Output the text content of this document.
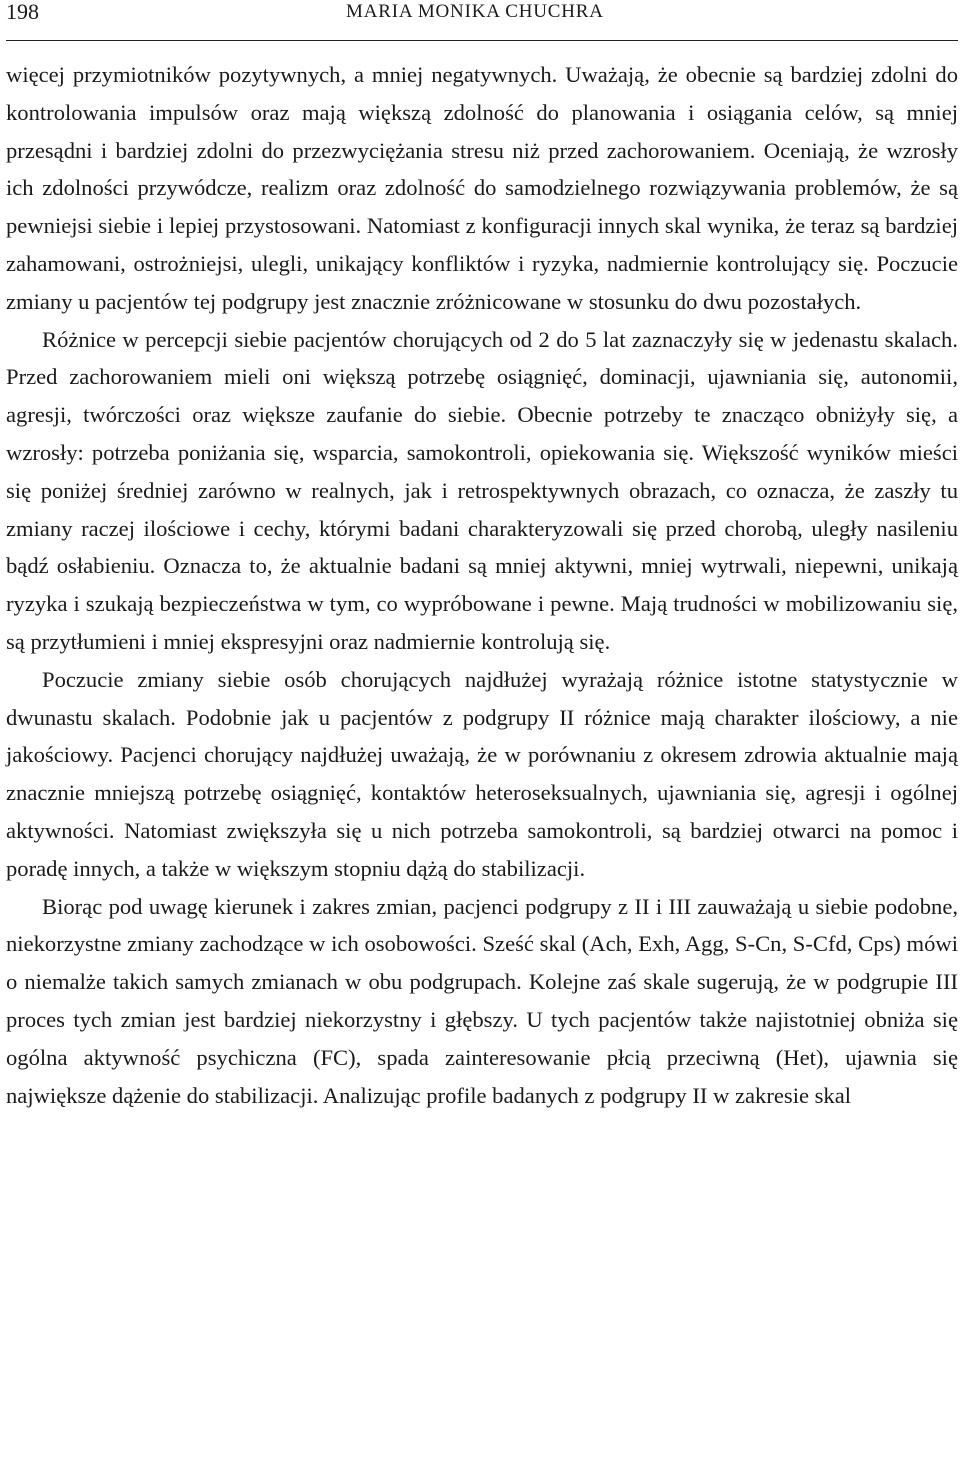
198	MARIA MONIKA CHUCHRA

więcej przymiotników pozytywnych, a mniej negatywnych. Uważają, że obecnie są bardziej zdolni do kontrolowania impulsów oraz mają większą zdolność do planowania i osiągania celów, są mniej przesądni i bardziej zdolni do przezwyciężania stresu niż przed zachorowaniem. Oceniają, że wzrosły ich zdolności przywódcze, realizm oraz zdolność do samodzielnego rozwiązywania problemów, że są pewniejsi siebie i lepiej przystosowani. Natomiast z konfiguracji innych skal wynika, że teraz są bardziej zahamowani, ostrożniejsi, ulegli, unikający konfliktów i ryzyka, nadmiernie kontrolujący się. Poczucie zmiany u pacjentów tej podgrupy jest znacznie zróżnicowane w stosunku do dwu pozostałych.

Różnice w percepcji siebie pacjentów chorujących od 2 do 5 lat zaznaczyły się w jedenastu skalach. Przed zachorowaniem mieli oni większą potrzebę osiągnięć, dominacji, ujawniania się, autonomii, agresji, twórczości oraz większe zaufanie do siebie. Obecnie potrzeby te znacząco obniżyły się, a wzrosły: potrzeba poniżania się, wsparcia, samokontroli, opiekowania się. Większość wyników mieści się poniżej średniej zarówno w realnych, jak i retrospektywnych obrazach, co oznacza, że zaszły tu zmiany raczej ilościowe i cechy, którymi badani charakteryzowali się przed chorobą, uległy nasileniu bądź osłabieniu. Oznacza to, że aktualnie badani są mniej aktywni, mniej wytrwali, niepewni, unikają ryzyka i szukają bezpieczeństwa w tym, co wypróbowane i pewne. Mają trudności w mobilizowaniu się, są przytłumieni i mniej ekspresyjni oraz nadmiernie kontrolują się.

Poczucie zmiany siebie osób chorujących najdłużej wyrażają różnice istotne statystycznie w dwunastu skalach. Podobnie jak u pacjentów z podgrupy II różnice mają charakter ilościowy, a nie jakościowy. Pacjenci chorujący najdłużej uważają, że w porównaniu z okresem zdrowia aktualnie mają znacznie mniejszą potrzebę osiągnięć, kontaktów heteroseksualnych, ujawniania się, agresji i ogólnej aktywności. Natomiast zwiększyła się u nich potrzeba samokontroli, są bardziej otwarci na pomoc i poradę innych, a także w większym stopniu dążą do stabilizacji.

Biorąc pod uwagę kierunek i zakres zmian, pacjenci podgrupy z II i III zauważają u siebie podobne, niekorzystne zmiany zachodzące w ich osobowości. Sześć skal (Ach, Exh, Agg, S-Cn, S-Cfd, Cps) mówi o niemalże takich samych zmianach w obu podgrupach. Kolejne zaś skale sugerują, że w podgrupie III proces tych zmian jest bardziej niekorzystny i głębszy. U tych pacjentów także najistotniej obniża się ogólna aktywność psychiczna (FC), spada zainteresowanie płcią przeciwną (Het), ujawnia się największe dążenie do stabilizacji. Analizując profile badanych z podgrupy II w zakresie skal
